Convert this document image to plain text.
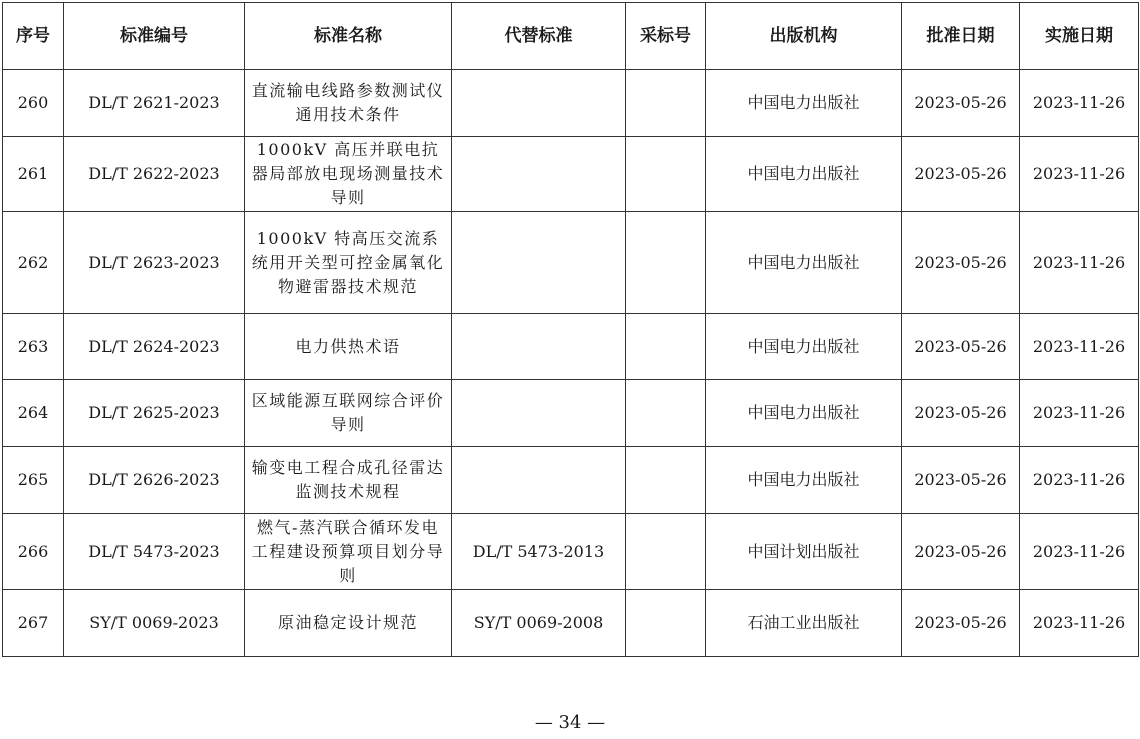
序号	标准编号	标准名称	代替标准	采标号	出版机构	批准日期	实施日期
260	DL/T 2621-2023	直流输电线路参数测试仪通用技术条件			中国电力出版社	2023-05-26	2023-11-26
261	DL/T 2622-2023	1000kV 高压并联电抗器局部放电现场测量技术导则			中国电力出版社	2023-05-26	2023-11-26
262	DL/T 2623-2023	1000kV 特高压交流系统用开关型可控金属氧化物避雷器技术规范			中国电力出版社	2023-05-26	2023-11-26
263	DL/T 2624-2023	电力供热术语			中国电力出版社	2023-05-26	2023-11-26
264	DL/T 2625-2023	区域能源互联网综合评价导则			中国电力出版社	2023-05-26	2023-11-26
265	DL/T 2626-2023	输变电工程合成孔径雷达监测技术规程			中国电力出版社	2023-05-26	2023-11-26
266	DL/T 5473-2023	燃气-蒸汽联合循环发电工程建设预算项目划分导则	DL/T 5473-2013		中国计划出版社	2023-05-26	2023-11-26
267	SY/T 0069-2023	原油稳定设计规范	SY/T 0069-2008		石油工业出版社	2023-05-26	2023-11-26
— 34 —
